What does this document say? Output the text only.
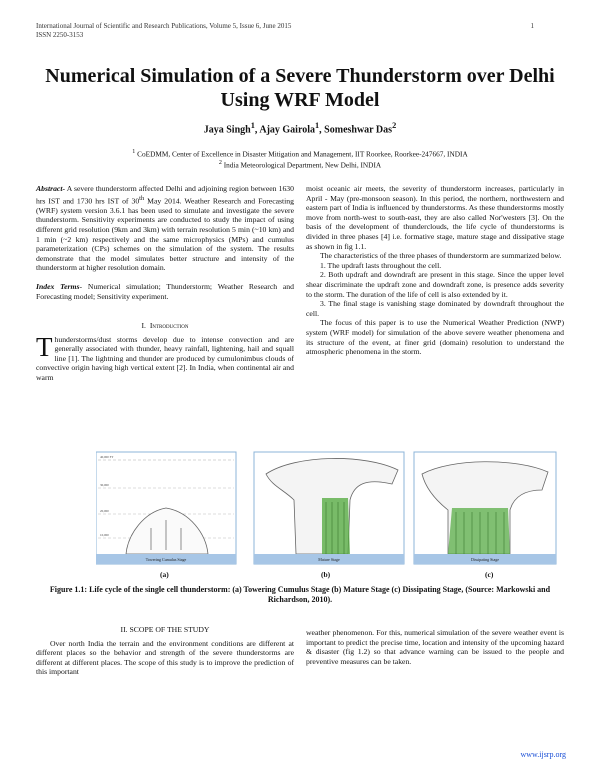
International Journal of Scientific and Research Publications, Volume 5, Issue 6, June 2015
ISSN 2250-3153
1
Numerical Simulation of a Severe Thunderstorm over Delhi Using WRF Model
Jaya Singh$^1$, Ajay Gairola$^1$, Someshwar Das$^2$
$^1$ CoEDMM, Center of Excellence in Disaster Mitigation and Management, IIT Roorkee, Roorkee-247667, INDIA
$^2$ India Meteorological Department, New Delhi, INDIA

Abstract- A severe thunderstorm affected Delhi and adjoining region between 1630 hrs IST and 1730 hrs IST of 30th May 2014. Weather Research and Forecasting (WRF) system version 3.6.1 has been used to simulate and investigate the severe thunderstorm. Sensitivity experiments are conducted to study the impact of using different grid resolution (9km and 3km) with terrain resolution 5 min (~10 km) and 1 min (~2 km) respectively and the same microphysics (MPs) and cumulus parameterization (CPs) schemes on the simulation of the system. The results demonstrate that the model simulates better structure and intensity of the thunderstorm at higher resolution domain.

Index Terms- Numerical simulation; Thunderstorm; Weather Research and Forecasting model; Sensitivity experiment.

I. Introduction

Thunderstorms/dust storms develop due to intense convection and are generally associated with thunder, heavy rainfall, lightening, hail and squall line [1]. The lightning and thunder are produced by cumulonimbus clouds of convective origin having high vertical extent [2]. In India, when continental air and warm

moist oceanic air meets, the severity of thunderstorm increases, particularly in April - May (pre-monsoon season). In this period, the northern, northwestern and eastern part of India is influenced by thunderstorms. As these thunderstorms mostly move from north-west to south-east, they are also called Nor'westers [3]. On the basis of the development of thunderclouds, the life cycle of thunderstorms is divided in three phases [4] i.e. formative stage, mature stage and dissipative stage as shown in fig 1.1.

The characteristics of the three phases of thunderstorm are summarized below.

1. The updraft lasts throughout the cell.

2. Both updraft and downdraft are present in this stage. Since the upper level shear discriminate the updraft zone and downdraft zone, is presence adds severity to the storm. The duration of the life of cell is also extended by it.

3. The final stage is vanishing stage dominated by downdraft throughout the cell.

The focus of this paper is to use the Numerical Weather Prediction (NWP) system (WRF model) for simulation of the above severe weather phenomena and its structure of the event, at finer grid (domain) resolution to understand the atmospheric phenomena in the storm.

40,000 FT
30,000
20,000
10,000
Towering Cumulus Stage	Mature Stage	Dissipating Stage
(a)	(b)	(c)
Figure 1.1: Life cycle of the single cell thunderstorm: (a) Towering Cumulus Stage (b) Mature Stage (c) Dissipating Stage, (Source: Markowski and Richardson, 2010).
II. SCOPE OF THE STUDY

Over north India the terrain and the environment conditions are different at different places so the behavior and strength of the severe thunderstorms are different at different places. The scope of this study is to improve the prediction of this important

weather phenomenon. For this, numerical simulation of the severe weather event is important to predict the precise time, location and intensity of the upcoming hazard & disaster (fig 1.2) so that advance warning can be issued to the people and preventive measures can be taken.

www.ijsrp.org
